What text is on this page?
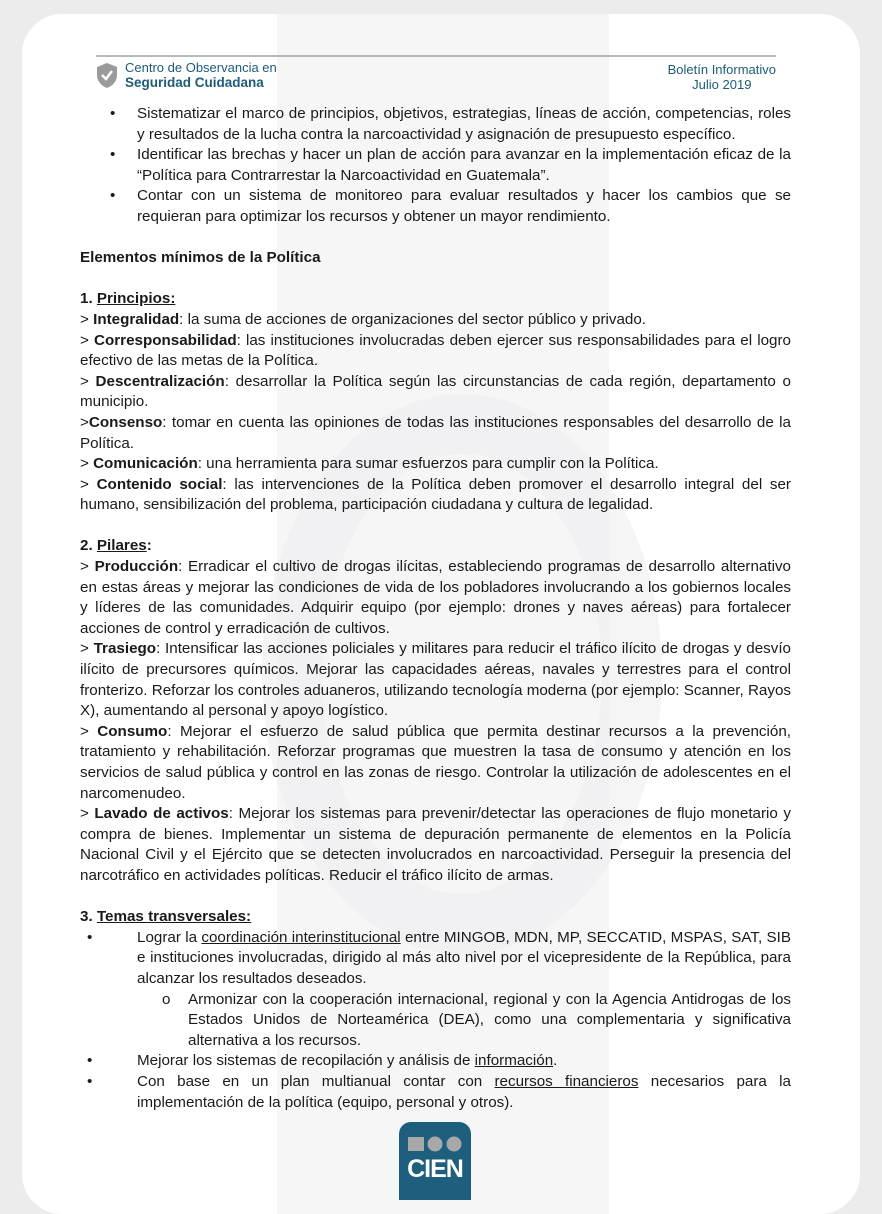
Centro de Observancia en
Seguridad Cuidadana
Boletín Informativo
Julio 2019
• Sistematizar el marco de principios, objetivos, estrategias, líneas de acción, competencias, roles y resultados de la lucha contra la narcoactividad y asignación de presupuesto específico.
• Identificar las brechas y hacer un plan de acción para avanzar en la implementación eficaz de la “Política para Contrarrestar la Narcoactividad en Guatemala”.
• Contar con un sistema de monitoreo para evaluar resultados y hacer los cambios que se requieran para optimizar los recursos y obtener un mayor rendimiento.

Elementos mínimos de la Política

1. Principios:

> Integralidad: la suma de acciones de organizaciones del sector público y privado.

> Corresponsabilidad: las instituciones involucradas deben ejercer sus responsabilidades para el logro efectivo de las metas de la Política.

> Descentralización: desarrollar la Política según las circunstancias de cada región, departamento o municipio.

>Consenso: tomar en cuenta las opiniones de todas las instituciones responsables del desarrollo de la Política.

> Comunicación: una herramienta para sumar esfuerzos para cumplir con la Política.

> Contenido social: las intervenciones de la Política deben promover el desarrollo integral del ser humano, sensibilización del problema, participación ciudadana y cultura de legalidad.

2. Pilares:

> Producción: Erradicar el cultivo de drogas ilícitas, estableciendo programas de desarrollo alternativo en estas áreas y mejorar las condiciones de vida de los pobladores involucrando a los gobiernos locales y líderes de las comunidades. Adquirir equipo (por ejemplo: drones y naves aéreas) para fortalecer acciones de control y erradicación de cultivos.

> Trasiego: Intensificar las acciones policiales y militares para reducir el tráfico ilícito de drogas y desvío ilícito de precursores químicos. Mejorar las capacidades aéreas, navales y terrestres para el control fronterizo. Reforzar los controles aduaneros, utilizando tecnología moderna (por ejemplo: Scanner, Rayos X), aumentando al personal y apoyo logístico.

> Consumo: Mejorar el esfuerzo de salud pública que permita destinar recursos a la prevención, tratamiento y rehabilitación. Reforzar programas que muestren la tasa de consumo y atención en los servicios de salud pública y control en las zonas de riesgo. Controlar la utilización de adolescentes en el narcomenudeo.

> Lavado de activos: Mejorar los sistemas para prevenir/detectar las operaciones de flujo monetario y compra de bienes. Implementar un sistema de depuración permanente de elementos en la Policía Nacional Civil y el Ejército que se detecten involucrados en narcoactividad. Perseguir la presencia del narcotráfico en actividades políticas. Reducir el tráfico ilícito de armas.

3. Temas transversales:

• Lograr la coordinación interinstitucional entre MINGOB, MDN, MP, SECCATID, MSPAS, SAT, SIB e instituciones involucradas, dirigido al más alto nivel por el vicepresidente de la República, para alcanzar los resultados deseados.
o Armonizar con la cooperación internacional, regional y con la Agencia Antidrogas de los Estados Unidos de Norteamérica (DEA), como una complementaria y significativa alternativa a los recursos.
• Mejorar los sistemas de recopilación y análisis de información.
• Con base en un plan multianual contar con recursos financieros necesarios para la implementación de la política (equipo, personal y otros).
CIEN
